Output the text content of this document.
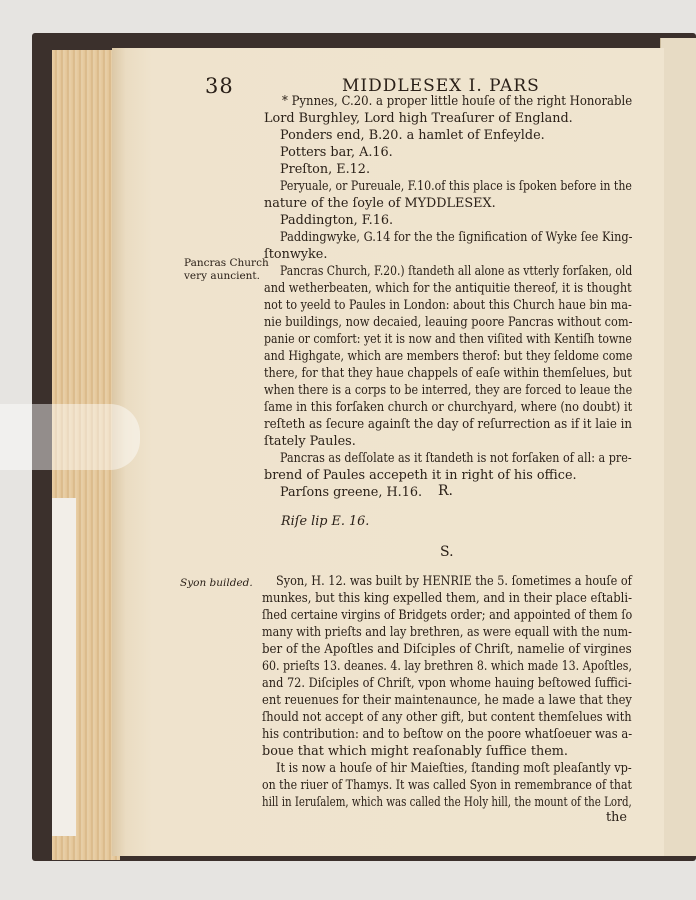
38	MIDDLESEX I. PARS
Pancras Church
very auncient.
Syon builded.
* Pynnes, C.20. a proper little houſe of the right Honorable
Lord Burghley, Lord high Treaſurer of England.
Ponders end, B.20. a hamlet of Enfeylde.
Potters bar, A.16.
Preſton, E.12.
Peryuale, or Pureuale, F.10.of this place is ſpoken before in the
nature of the ſoyle of MYDDLESEX.
Paddington, F.16.
Paddingwyke, G.14 for the the ſignification of Wyke ſee King-
ſtonwyke.
Pancras Church, F.20.) ſtandeth all alone as vtterly forſaken, old
and wetherbeaten, which for the antiquitie thereof, it is thought
not to yeeld to Paules in London: about this Church haue bin ma-
nie buildings, now decaied, leauing poore Pancras without com-
panie or comfort: yet it is now and then viſited with Kentiſh towne
and Highgate, which are members therof: but they ſeldome come
there, for that they haue chappels of eaſe within themſelues, but
when there is a corps to be interred, they are forced to leaue the
ſame in this forſaken church or churchyard, where (no doubt) it
reſteth as ſecure againſt the day of reſurrection as if it laie in
ſtately Paules.
Pancras as deſſolate as it ſtandeth is not forſaken of all: a pre-
brend of Paules accepeth it in right of his office.
Parſons greene, H.16. R.
Riſe lip E. 16.
S.
Syon, H. 12. was built by HENRIE the 5. ſometimes a houſe of
munkes, but this king expelled them, and in their place eſtabli-
ſhed certaine virgins of Bridgets order; and appointed of them ſo
many with prieſts and lay brethren, as were equall with the num-
ber of the Apoſtles and Diſciples of Chriſt, namelie of virgines
60. prieſts 13. deanes. 4. lay brethren 8. which made 13. Apoſtles,
and 72. Diſciples of Chriſt, vpon whome hauing beſtowed ſuffici-
ent reuenues for their maintenaunce, he made a lawe that they
ſhould not accept of any other gift, but content themſelues with
his contribution: and to beſtow on the poore whatſoeuer was a-
boue that which might reaſonably ſuffice them.
It is now a houſe of hir Maieſties, ſtanding moſt pleaſantly vp-
on the riuer of Thamys. It was called Syon in remembrance of that
hill in Ieruſalem, which was called the Holy hill, the mount of the Lord,
the
